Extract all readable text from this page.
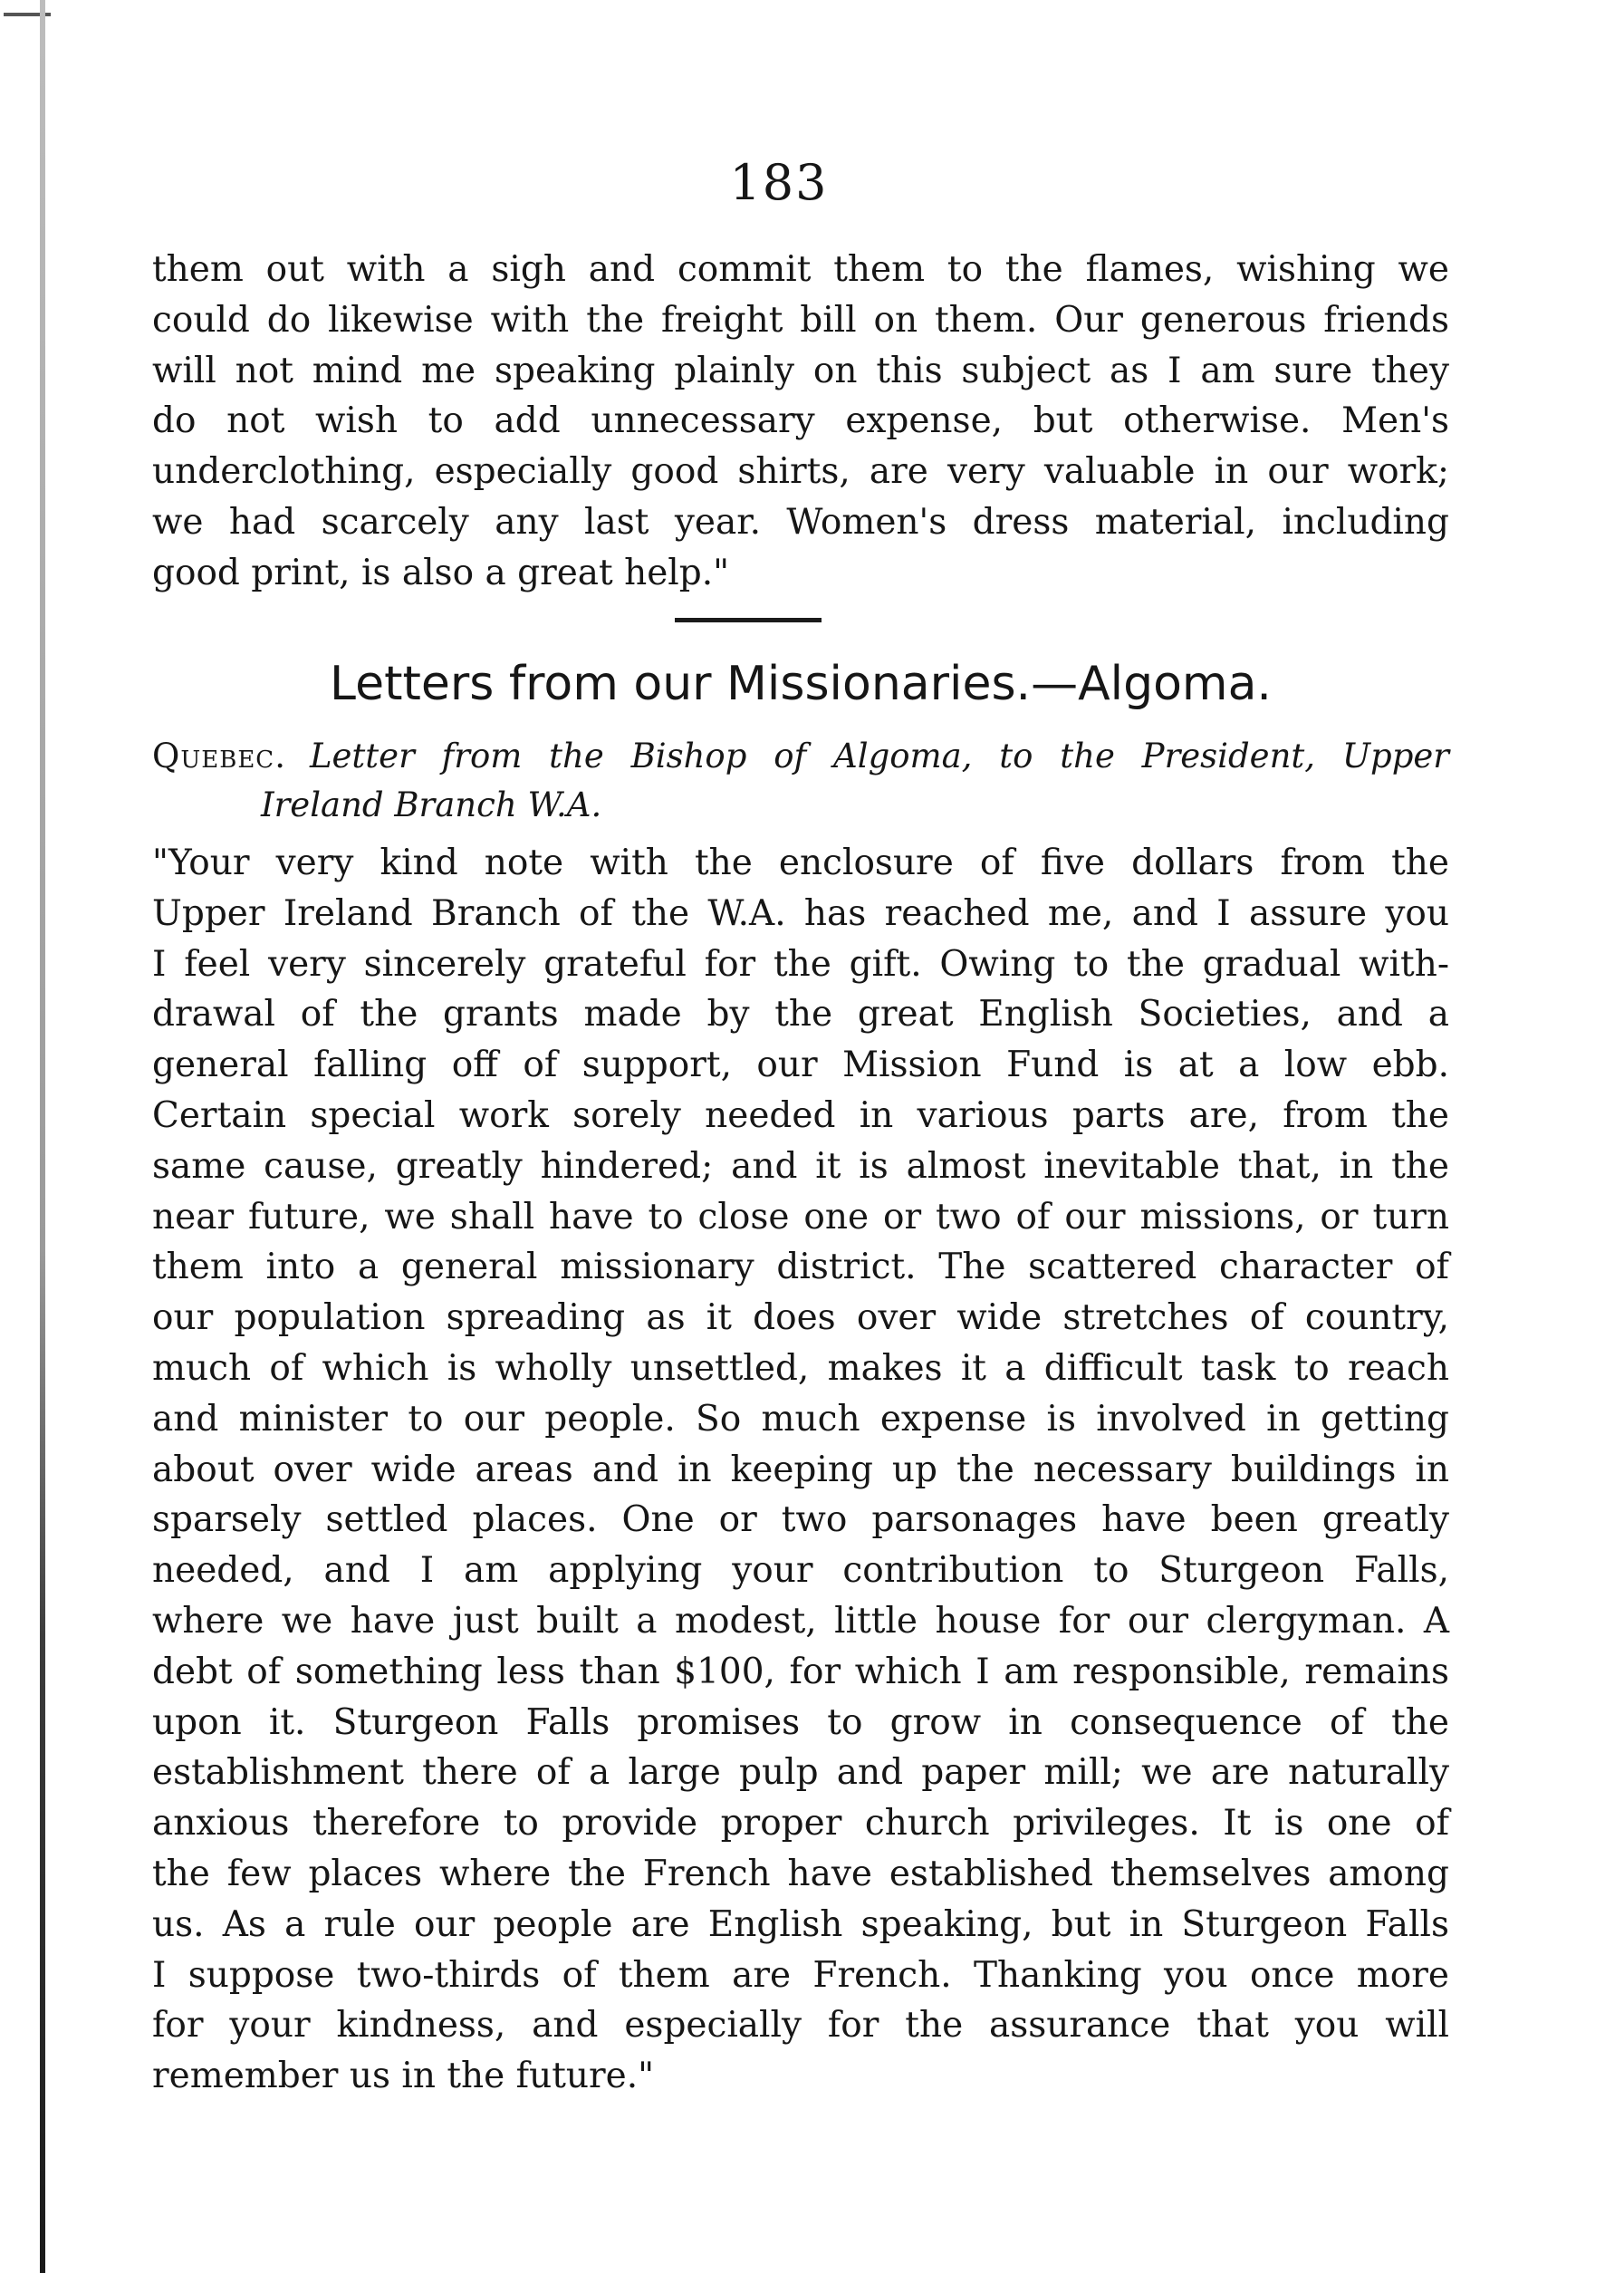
183
them out with a sigh and commit them to the flames, wishing we
could do likewise with the freight bill on them. Our generous friends
will not mind me speaking plainly on this subject as I am sure they
do not wish to add unnecessary expense, but otherwise. Men's
underclothing, especially good shirts, are very valuable in our work;
we had scarcely any last year. Women's dress material, including
good print, is also a great help."
Letters from our Missionaries.—Algoma.
Quebec. Letter from the Bishop of Algoma, to the President, Upper
Ireland Branch W.A.
"Your very kind note with the enclosure of five dollars from the
Upper Ireland Branch of the W.A. has reached me, and I assure you
I feel very sincerely grateful for the gift. Owing to the gradual with-
drawal of the grants made by the great English Societies, and a
general falling off of support, our Mission Fund is at a low ebb.
Certain special work sorely needed in various parts are, from the
same cause, greatly hindered; and it is almost inevitable that, in the
near future, we shall have to close one or two of our missions, or turn
them into a general missionary district. The scattered character of
our population spreading as it does over wide stretches of country,
much of which is wholly unsettled, makes it a difficult task to reach
and minister to our people. So much expense is involved in getting
about over wide areas and in keeping up the necessary buildings in
sparsely settled places. One or two parsonages have been greatly
needed, and I am applying your contribution to Sturgeon Falls,
where we have just built a modest, little house for our clergyman. A
debt of something less than $100, for which I am responsible, remains
upon it. Sturgeon Falls promises to grow in consequence of the
establishment there of a large pulp and paper mill; we are naturally
anxious therefore to provide proper church privileges. It is one of
the few places where the French have established themselves among
us. As a rule our people are English speaking, but in Sturgeon Falls
I suppose two-thirds of them are French. Thanking you once more
for your kindness, and especially for the assurance that you will
remember us in the future."
